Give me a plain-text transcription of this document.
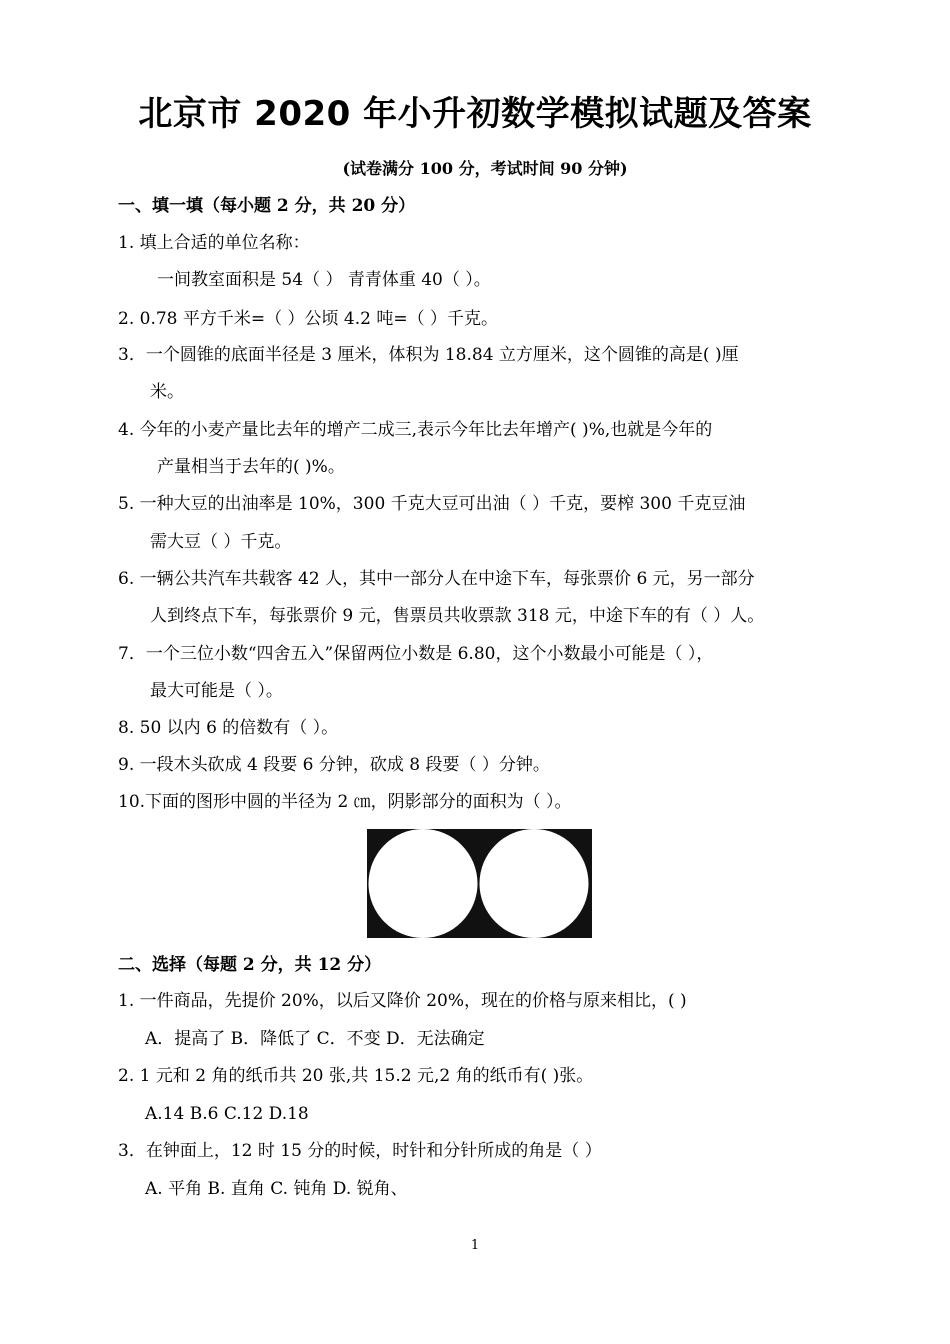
北京市 2020 年小升初数学模拟试题及答案
(试卷满分 100 分，考试时间 90 分钟)
一、填一填（每小题 2 分，共 20 分）
1. 填上合适的单位名称：
一间教室面积是 54（ ） 青青体重 40（ ）。
2. 0.78 平方千米=（ ）公顷 4.2 吨=（ ）千克。
3．一个圆锥的底面半径是 3 厘米，体积为 18.84 立方厘米，这个圆锥的高是( )厘
米。
4. 今年的小麦产量比去年的增产二成三,表示今年比去年增产( )%,也就是今年的
产量相当于去年的( )%。
5. 一种大豆的出油率是 10%，300 千克大豆可出油（ ）千克，要榨 300 千克豆油
需大豆（ ）千克。
6. 一辆公共汽车共载客 42 人，其中一部分人在中途下车，每张票价 6 元，另一部分
人到终点下车，每张票价 9 元，售票员共收票款 318 元，中途下车的有（ ）人。
7．一个三位小数“四舍五入”保留两位小数是 6.80，这个小数最小可能是（ ），
最大可能是（ ）。
8. 50 以内 6 的倍数有（ ）。
9. 一段木头砍成 4 段要 6 分钟，砍成 8 段要（ ）分钟。
10.下面的图形中圆的半径为 2 ㎝，阴影部分的面积为（ ）。
二、选择（每题 2 分，共 12 分）
1. 一件商品，先提价 20%，以后又降价 20%，现在的价格与原来相比，( )
A．提高了 B．降低了 C．不变 D．无法确定
2. 1 元和 2 角的纸币共 20 张,共 15.2 元,2 角的纸币有( )张。
A.14 B.6 C.12 D.18
3．在钟面上，12 时 15 分的时候，时针和分针所成的角是（ ）
A. 平角 B. 直角 C. 钝角 D. 锐角、
1
